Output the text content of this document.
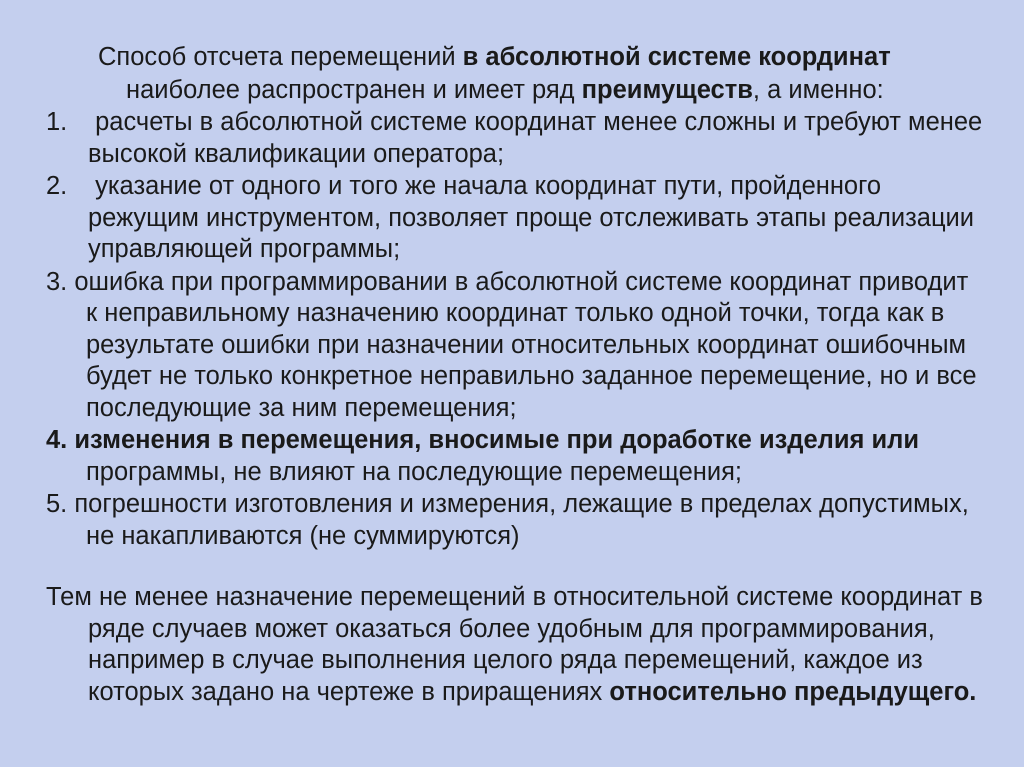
Способ отсчета перемещений в абсолютной системе координат
наиболее распространен и имеет ряд преимуществ, а именно:
1. расчеты в абсолютной системе координат менее сложны и требуют менее высокой квалификации оператора;
2. указание от одного и того же начала координат пути, пройденного режущим инструментом, позволяет проще отслеживать этапы реализации управляющей программы;
3. ошибка при программировании в абсолютной системе координат приводит к неправильному назначению координат только одной точки, тогда как в результате ошибки при назначении относительных координат ошибочным будет не только конкретное неправильно заданное перемещение, но и все последующие за ним перемещения;
4. изменения в перемещения, вносимые при доработке изделия или программы, не влияют на последующие перемещения;
5. погрешности изготовления и измерения, лежащие в пределах допустимых, не накапливаются (не суммируются)
Тем не менее назначение перемещений в относительной системе координат в ряде случаев может оказаться более удобным для программирования, например в случае выполнения целого ряда перемещений, каждое из которых задано на чертеже в приращениях относительно предыдущего.
